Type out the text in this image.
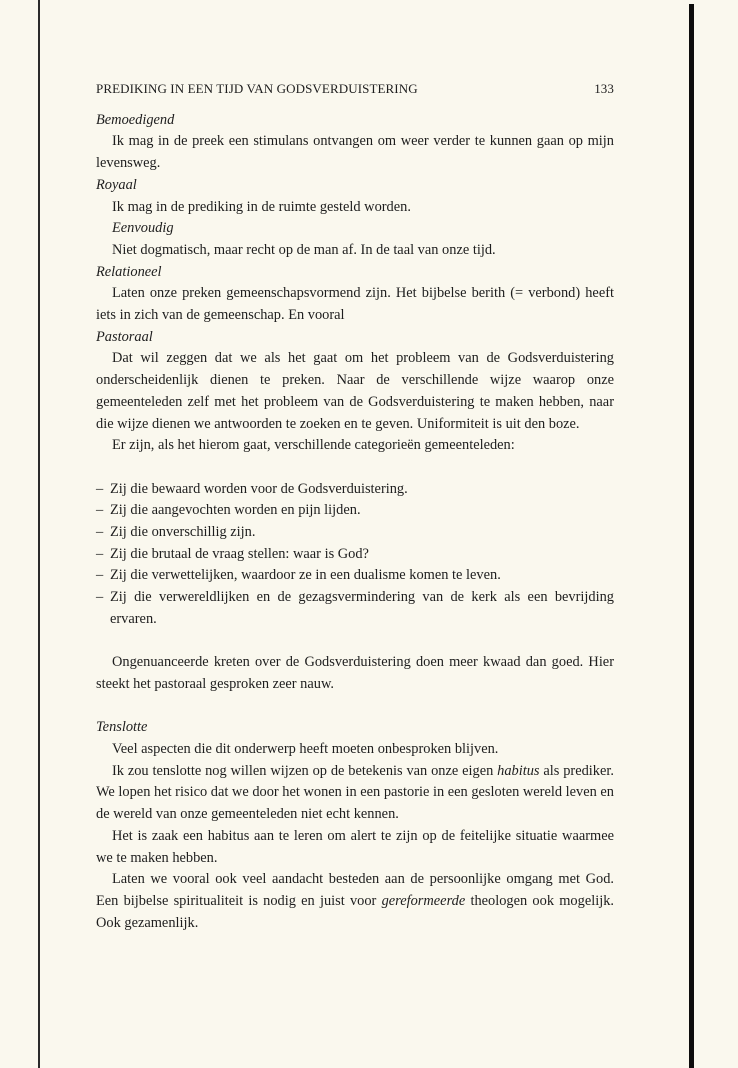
PREDIKING IN EEN TIJD VAN GODSVERDUISTERING	133

Bemoedigend

Ik mag in de preek een stimulans ontvangen om weer verder te kunnen gaan op mijn levensweg.

Royaal

Ik mag in de prediking in de ruimte gesteld worden.

Eenvoudig

Niet dogmatisch, maar recht op de man af. In de taal van onze tijd.

Relationeel

Laten onze preken gemeenschapsvormend zijn. Het bijbelse berith (= verbond) heeft iets in zich van de gemeenschap. En vooral

Pastoraal

Dat wil zeggen dat we als het gaat om het probleem van de Godsverduistering onderscheidenlijk dienen te preken. Naar de verschillende wijze waarop onze gemeenteleden zelf met het probleem van de Godsverduistering te maken hebben, naar die wijze dienen we antwoorden te zoeken en te geven. Uniformiteit is uit den boze.

Er zijn, als het hierom gaat, verschillende categorieën gemeenteleden:

– Zij die bewaard worden voor de Godsverduistering.
– Zij die aangevochten worden en pijn lijden.
– Zij die onverschillig zijn.
– Zij die brutaal de vraag stellen: waar is God?
– Zij die verwettelijken, waardoor ze in een dualisme komen te leven.
– Zij die verwereldlijken en de gezagsvermindering van de kerk als een bevrijding ervaren.

Ongenuanceerde kreten over de Godsverduistering doen meer kwaad dan goed. Hier steekt het pastoraal gesproken zeer nauw.

Tenslotte

Veel aspecten die dit onderwerp heeft moeten onbesproken blijven.

Ik zou tenslotte nog willen wijzen op de betekenis van onze eigen habitus als prediker. We lopen het risico dat we door het wonen in een pastorie in een gesloten wereld leven en de wereld van onze gemeenteleden niet echt kennen.

Het is zaak een habitus aan te leren om alert te zijn op de feitelijke situatie waarmee we te maken hebben.

Laten we vooral ook veel aandacht besteden aan de persoonlijke omgang met God. Een bijbelse spiritualiteit is nodig en juist voor gereformeerde theologen ook mogelijk. Ook gezamenlijk.
